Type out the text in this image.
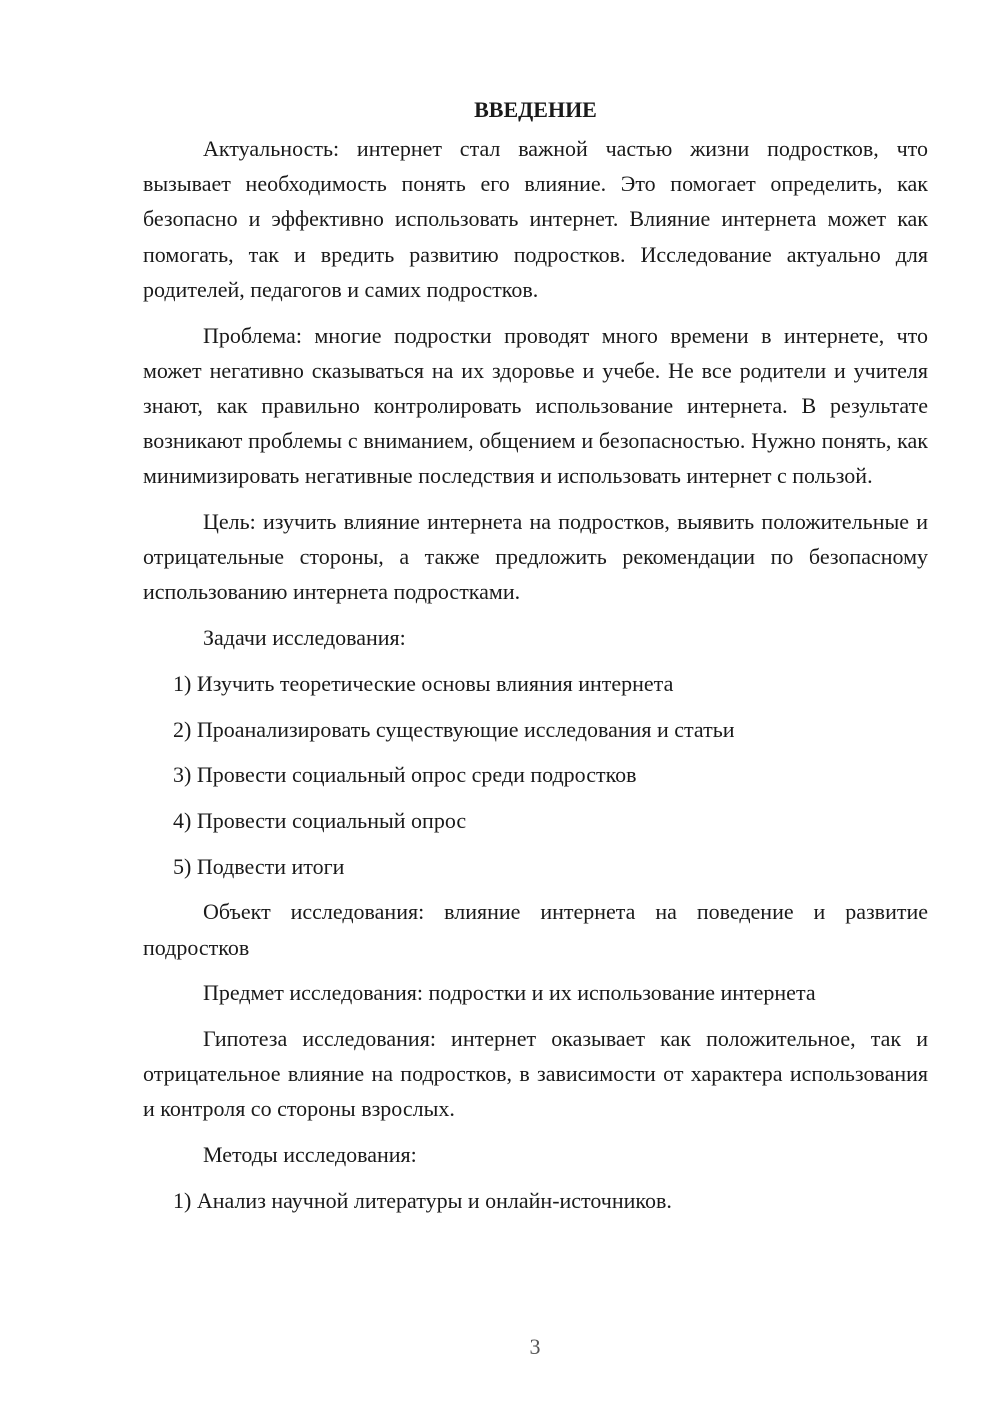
ВВЕДЕНИЕ

Актуальность: интернет стал важной частью жизни подростков, что вызывает необходимость понять его влияние. Это помогает определить, как безопасно и эффективно использовать интернет. Влияние интернета может как помогать, так и вредить развитию подростков. Исследование актуально для родителей, педагогов и самих подростков.

Проблема: многие подростки проводят много времени в интернете, что может негативно сказываться на их здоровье и учебе. Не все родители и учителя знают, как правильно контролировать использование интернета. В результате возникают проблемы с вниманием, общением и безопасностью. Нужно понять, как минимизировать негативные последствия и использовать интернет с пользой.

Цель: изучить влияние интернета на подростков, выявить положительные и отрицательные стороны, а также предложить рекомендации по безопасному использованию интернета подростками.

Задачи исследования:

1) Изучить теоретические основы влияния интернета

2) Проанализировать существующие исследования и статьи

3) Провести социальный опрос среди подростков

4) Провести социальный опрос

5) Подвести итоги

Объект исследования: влияние интернета на поведение и развитие подростков

Предмет исследования: подростки и их использование интернета

Гипотеза исследования: интернет оказывает как положительное, так и отрицательное влияние на подростков, в зависимости от характера использования и контроля со стороны взрослых.

Методы исследования:

1) Анализ научной литературы и онлайн-источников.

3
